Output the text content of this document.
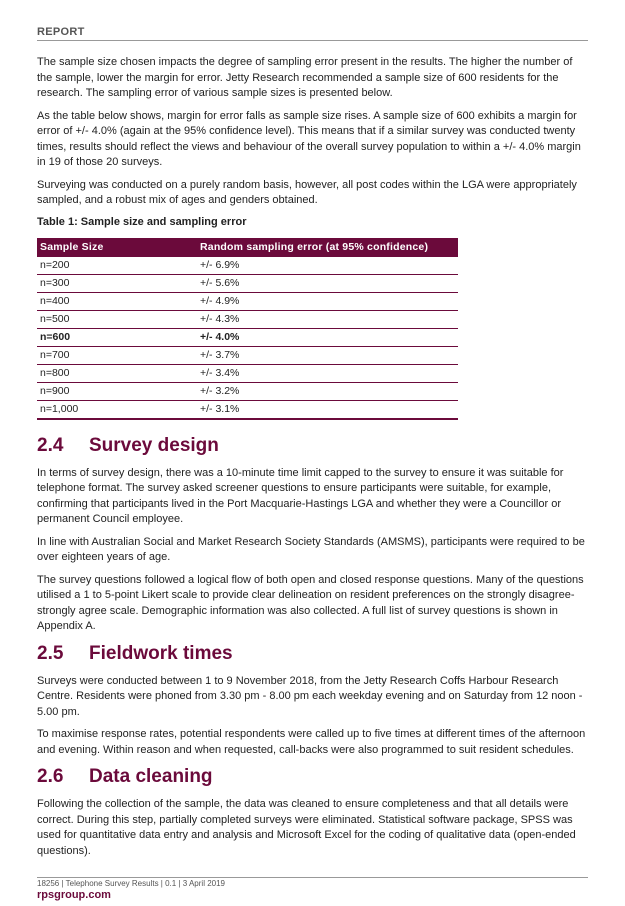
REPORT

The sample size chosen impacts the degree of sampling error present in the results. The higher the number of the sample, lower the margin for error. Jetty Research recommended a sample size of 600 residents for the research. The sampling error of various sample sizes is presented below.

As the table below shows, margin for error falls as sample size rises. A sample size of 600 exhibits a margin for error of +/- 4.0% (again at the 95% confidence level). This means that if a similar survey was conducted twenty times, results should reflect the views and behaviour of the overall survey population to within a +/- 4.0% margin in 19 of those 20 surveys.

Surveying was conducted on a purely random basis, however, all post codes within the LGA were appropriately sampled, and a robust mix of ages and genders obtained.

Table 1: Sample size and sampling error
Sample Size	Random sampling error (at 95% confidence)
n=200	+/- 6.9%
n=300	+/- 5.6%
n=400	+/- 4.9%
n=500	+/- 4.3%
n=600	+/- 4.0%
n=700	+/- 3.7%
n=800	+/- 3.4%
n=900	+/- 3.2%
n=1,000	+/- 3.1%
2.4 Survey design

In terms of survey design, there was a 10-minute time limit capped to the survey to ensure it was suitable for telephone format. The survey asked screener questions to ensure participants were suitable, for example, confirming that participants lived in the Port Macquarie-Hastings LGA and whether they were a Councillor or permanent Council employee.

In line with Australian Social and Market Research Society Standards (AMSMS), participants were required to be over eighteen years of age.

The survey questions followed a logical flow of both open and closed response questions. Many of the questions utilised a 1 to 5-point Likert scale to provide clear delineation on resident preferences on the strongly disagree-strongly agree scale. Demographic information was also collected. A full list of survey questions is shown in Appendix A.

2.5 Fieldwork times

Surveys were conducted between 1 to 9 November 2018, from the Jetty Research Coffs Harbour Research Centre. Residents were phoned from 3.30 pm - 8.00 pm each weekday evening and on Saturday from 12 noon - 5.00 pm.

To maximise response rates, potential respondents were called up to five times at different times of the afternoon and evening. Within reason and when requested, call-backs were also programmed to suit resident schedules.

2.6 Data cleaning

Following the collection of the sample, the data was cleaned to ensure completeness and that all details were correct. During this step, partially completed surveys were eliminated. Statistical software package, SPSS was used for quantitative data entry and analysis and Microsoft Excel for the coding of qualitative data (open-ended questions).

18256 | Telephone Survey Results | 0.1 | 3 April 2019
rpsgroup.com
